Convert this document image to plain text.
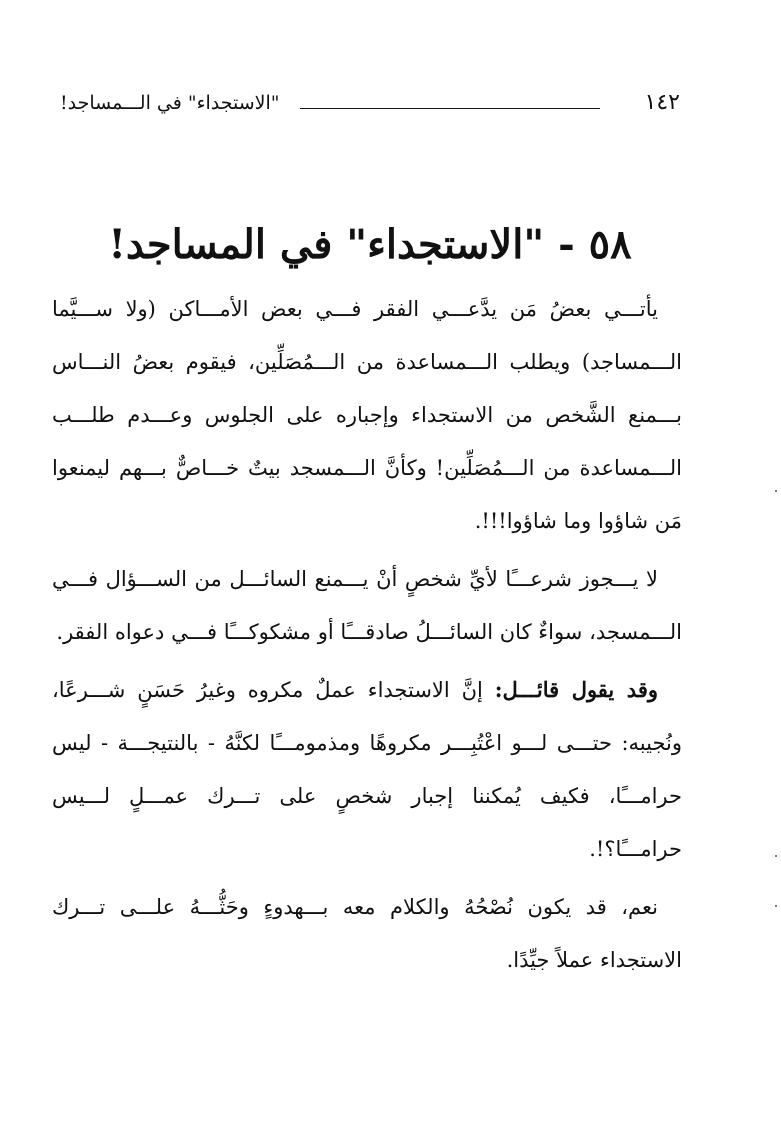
١٤٢
"الاستجداء" في الـــمساجد!
٥٨ - "الاستجداء" في المساجد!

يأتـــي بعضُ مَن يدَّعـــي الفقر فـــي بعض الأمـــاكن (ولا ســـيَّما الـــمساجد) ويطلب الـــمساعدة من الـــمُصَلِّين، فيقوم بعضُ النـــاس بـــمنع الشَّخص من الاستجداء وإجباره على الجلوس وعـــدم طلـــب الـــمساعدة من الـــمُصَلِّين! وكأنَّ الـــمسجد بيتٌ خـــاصٌّ بـــهم ليمنعوا مَن شاؤوا وما شاؤوا!!!.

لا يـــجوز شرعـــًا لأيِّ شخصٍ أنْ يـــمنع السائـــل من الســـؤال فـــي الـــمسجد، سواءٌ كان السائـــلُ صادقـــًا أو مشكوكـــًا فـــي دعواه الفقر.

وقد يقول قائـــل: إنَّ الاستجداء عملٌ مكروه وغيرُ حَسَنٍ شـــرعًا، ونُجيبه: حتـــى لـــو اعْتُبِـــر مكروهًا ومذمومـــًا لكنَّهُ - بالنتيجـــة - ليس حرامـــًا، فكيف يُمكننا إجبار شخصٍ على تـــرك عمـــلٍ لـــيس حرامـــًا؟!.

نعم، قد يكون نُصْحُهُ والكلام معه بـــهدوءٍ وحَثُّـــهُ علـــى تـــرك الاستجداء عملاً جيِّدًا.
